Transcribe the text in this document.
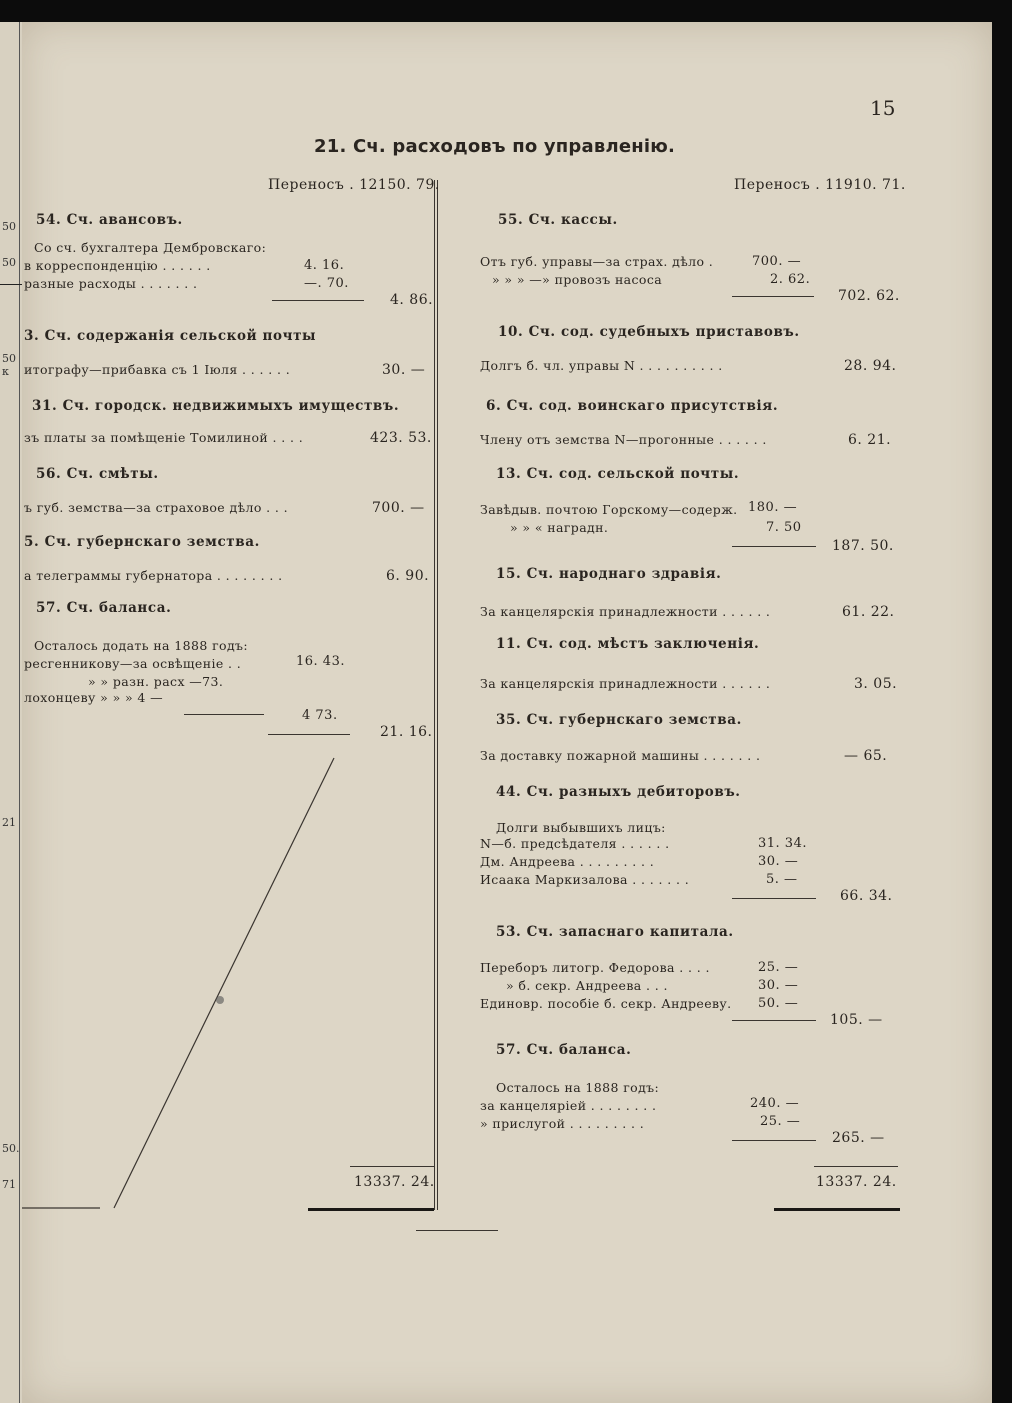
50
50
50 к
21
50.
71
15
21. Сч. расходовъ по управленію.
Переносъ . 12150. 79.
54. Сч. авансовъ.
Со сч. бухгалтера Дембровскаго:
в корреспонденцію . . . . . .	4. 16.
разные расходы . . . . . . .	—. 70.
4. 86.
3. Сч. содержанія сельской почты
итографу—прибавка съ 1 Іюля . . . . . .	30. —
31. Сч. городск. недвижимыхъ имуществъ.
зъ платы за помѣщеніе Томилиной . . . .	423. 53.
56. Сч. смѣты.
ъ губ. земства—за страховое дѣло . . .	700. —
5. Сч. губернскаго земства.
а телеграммы губернатора . . . . . . . .	6. 90.
57. Сч. баланса.
Осталось додать на 1888 годъ:
ресгенникову—за освѣщеніе . .	16. 43.
» » разн. расх —73.
лохонцеву » » » 4 —
4 73.
21. 16.
13337. 24.
Переносъ . 11910. 71.
55. Сч. кассы.
Отъ губ. управы—за страх. дѣло .	700. —
» » » —» провозъ насоса	2. 62.
702. 62.
10. Сч. сод. судебныхъ приставовъ.
Долгъ б. чл. управы N . . . . . . . . . .	28. 94.
6. Сч. сод. воинскаго присутствія.
Члену отъ земства N—прогонные . . . . . .	6. 21.
13. Сч. сод. сельской почты.
Завѣдыв. почтою Горскому—содерж. 180. —
» » « наградн.	7. 50
187. 50.
15. Сч. народнаго здравія.
За канцелярскія принадлежности . . . . . .	61. 22.
11. Сч. сод. мѣстъ заключенія.
За канцелярскія принадлежности . . . . . .	3. 05.
35. Сч. губернскаго земства.
За доставку пожарной машины . . . . . . .	— 65.
44. Сч. разныхъ дебиторовъ.
Долги выбывшихъ лицъ:
N—б. предсѣдателя . . . . . .	31. 34.
Дм. Андреева . . . . . . . . .	30. —
Исаака Маркизалова . . . . . . .	5. —
66. 34.
53. Сч. запаснаго капитала.
Переборъ литогр. Федорова . . . .	25. —
» б. секр. Андреева . . .	30. —
Единовр. пособіе б. секр. Андрееву. 50. —
105. —
57. Сч. баланса.
Осталось на 1888 годъ:
за канцеляріей . . . . . . . .	240. —
» прислугой . . . . . . . . .	25. —
265. —
13337. 24.
